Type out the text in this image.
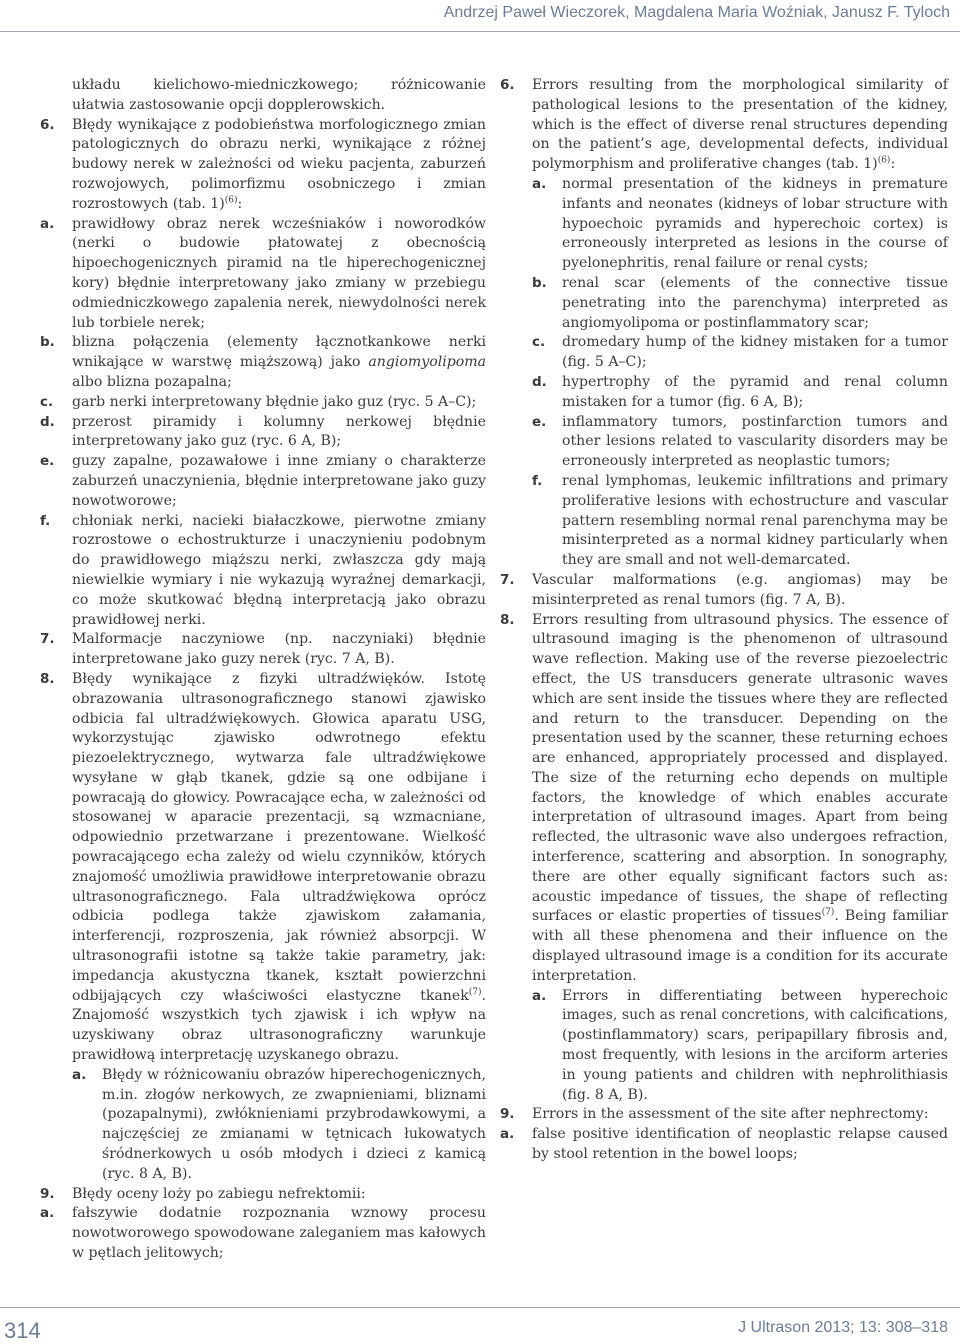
Andrzej Paweł Wieczorek, Magdalena Maria Woźniak, Janusz F. Tyloch

układu kielichowo-miedniczkowego; różnicowanie ułatwia zastosowanie opcji dopplerowskich.

6. Błędy wynikające z podobieństwa morfologicznego zmian patologicznych do obrazu nerki, wynikające z różnej budowy nerek w zależności od wieku pacjenta, zaburzeń rozwojowych, polimorfizmu osobniczego i zmian rozrostowych (tab. 1)$^{(6)}$:
a. prawidłowy obraz nerek wcześniaków i noworodków (nerki o budowie płatowatej z obecnością hipoechogenicznych piramid na tle hiperechogenicznej kory) błędnie interpretowany jako zmiany w przebiegu odmiedniczkowego zapalenia nerek, niewydolności nerek lub torbiele nerek;
b. blizna połączenia (elementy łącznotkankowe nerki wnikające w warstwę miąższową) jako angiomyolipoma albo blizna pozapalna;
c. garb nerki interpretowany błędnie jako guz (ryc. 5 A–C);
d. przerost piramidy i kolumny nerkowej błędnie interpretowany jako guz (ryc. 6 A, B);
e. guzy zapalne, pozawałowe i inne zmiany o charakterze zaburzeń unaczynienia, błędnie interpretowane jako guzy nowotworowe;
f. chłoniak nerki, nacieki białaczkowe, pierwotne zmiany rozrostowe o echostrukturze i unaczynieniu podobnym do prawidłowego miąższu nerki, zwłaszcza gdy mają niewielkie wymiary i nie wykazują wyraźnej demarkacji, co może skutkować błędną interpretacją jako obrazu prawidłowej nerki.
7. Malformacje naczyniowe (np. naczyniaki) błędnie interpretowane jako guzy nerek (ryc. 7 A, B).
8. Błędy wynikające z fizyki ultradźwięków. Istotę obrazowania ultrasonograficznego stanowi zjawisko odbicia fal ultradźwiękowych. Głowica aparatu USG, wykorzystując zjawisko odwrotnego efektu piezoelektrycznego, wytwarza fale ultradźwiękowe wysyłane w głąb tkanek, gdzie są one odbijane i powracają do głowicy. Powracające echa, w zależności od stosowanej w aparacie prezentacji, są wzmacniane, odpowiednio przetwarzane i prezentowane. Wielkość powracającego echa zależy od wielu czynników, których znajomość umożliwia prawidłowe interpretowanie obrazu ultrasonograficznego. Fala ultradźwiękowa oprócz odbicia podlega także zjawiskom załamania, interferencji, rozproszenia, jak również absorpcji. W ultrasonografii istotne są także takie parametry, jak: impedancja akustyczna tkanek, kształt powierzchni odbijających czy właściwości elastyczne tkanek$^{(7)}$. Znajomość wszystkich tych zjawisk i ich wpływ na uzyskiwany obraz ultrasonograficzny warunkuje prawidłową interpretację uzyskanego obrazu.
a. Błędy w różnicowaniu obrazów hiperechogenicznych, m.in. złogów nerkowych, ze zwapnieniami, bliznami (pozapalnymi), zwłóknieniami przybrodawkowymi, a najczęściej ze zmianami w tętnicach łukowatych śródnerkowych u osób młodych i dzieci z kamicą (ryc. 8 A, B).
9. Błędy oceny loży po zabiegu nefrektomii:
a. fałszywie dodatnie rozpoznania wznowy procesu nowotworowego spowodowane zaleganiem mas kałowych w pętlach jelitowych;
6. Errors resulting from the morphological similarity of pathological lesions to the presentation of the kidney, which is the effect of diverse renal structures depending on the patient’s age, developmental defects, individual polymorphism and proliferative changes (tab. 1)$^{(6)}$:
a. normal presentation of the kidneys in premature infants and neonates (kidneys of lobar structure with hypoechoic pyramids and hyperechoic cortex) is erroneously interpreted as lesions in the course of pyelonephritis, renal failure or renal cysts;
b. renal scar (elements of the connective tissue penetrating into the parenchyma) interpreted as angiomyolipoma or postinflammatory scar;
c. dromedary hump of the kidney mistaken for a tumor (fig. 5 A–C);
d. hypertrophy of the pyramid and renal column mistaken for a tumor (fig. 6 A, B);
e. inflammatory tumors, postinfarction tumors and other lesions related to vascularity disorders may be erroneously interpreted as neoplastic tumors;
f. renal lymphomas, leukemic infiltrations and primary proliferative lesions with echostructure and vascular pattern resembling normal renal parenchyma may be misinterpreted as a normal kidney particularly when they are small and not well-demarcated.
7. Vascular malformations (e.g. angiomas) may be misinterpreted as renal tumors (fig. 7 A, B).
8. Errors resulting from ultrasound physics. The essence of ultrasound imaging is the phenomenon of ultrasound wave reflection. Making use of the reverse piezoelectric effect, the US transducers generate ultrasonic waves which are sent inside the tissues where they are reflected and return to the transducer. Depending on the presentation used by the scanner, these returning echoes are enhanced, appropriately processed and displayed. The size of the returning echo depends on multiple factors, the knowledge of which enables accurate interpretation of ultrasound images. Apart from being reflected, the ultrasonic wave also undergoes refraction, interference, scattering and absorption. In sonography, there are other equally significant factors such as: acoustic impedance of tissues, the shape of reflecting surfaces or elastic properties of tissues$^{(7)}$. Being familiar with all these phenomena and their influence on the displayed ultrasound image is a condition for its accurate interpretation.
a. Errors in differentiating between hyperechoic images, such as renal concretions, with calcifications, (postinflammatory) scars, peripapillary fibrosis and, most frequently, with lesions in the arciform arteries in young patients and children with nephrolithiasis (fig. 8 A, B).
9. Errors in the assessment of the site after nephrectomy:
a. false positive identification of neoplastic relapse caused by stool retention in the bowel loops;
314	J Ultrason 2013; 13: 308–318
